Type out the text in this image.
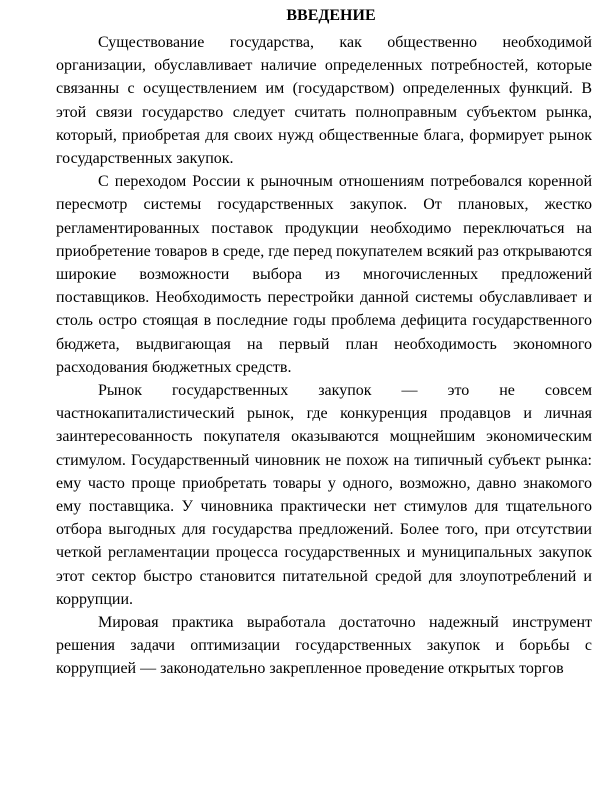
ВВЕДЕНИЕ

Существование государства, как общественно необходимой организации, обуславливает наличие определенных потребностей, которые связанны с осуществлением им (государством) определенных функций. В этой связи государство следует считать полноправным субъектом рынка, который, приобретая для своих нужд общественные блага, формирует рынок государственных закупок.

С переходом России к рыночным отношениям потребовался коренной пересмотр системы государственных закупок. От плановых, жестко регламентированных поставок продукции необходимо переключаться на приобретение товаров в среде, где перед покупателем всякий раз открываются широкие возможности выбора из многочисленных предложений поставщиков. Необходимость перестройки данной системы обуславливает и столь остро стоящая в последние годы проблема дефицита государственного бюджета, выдвигающая на первый план необходимость экономного расходования бюджетных средств.

Рынок государственных закупок — это не совсем частнокапиталистический рынок, где конкуренция продавцов и личная заинтересованность покупателя оказываются мощнейшим экономическим стимулом. Государственный чиновник не похож на типичный субъект рынка: ему часто проще приобретать товары у одного, возможно, давно знакомого ему поставщика. У чиновника практически нет стимулов для тщательного отбора выгодных для государства предложений. Более того, при отсутствии четкой регламентации процесса государственных и муниципальных закупок этот сектор быстро становится питательной средой для злоупотреблений и коррупции.

Мировая практика выработала достаточно надежный инструмент решения задачи оптимизации государственных закупок и борьбы с коррупцией — законодательно закрепленное проведение открытых торгов
